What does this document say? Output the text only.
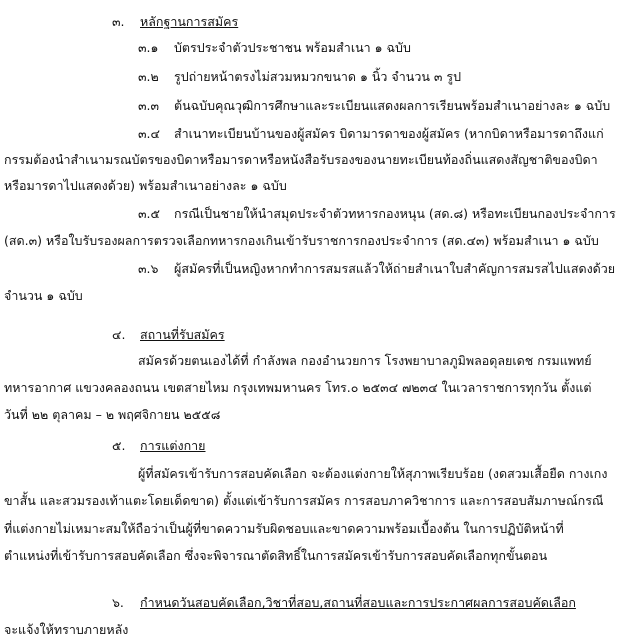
๓. หลักฐานการสมัคร
๓.๑ บัตรประจำตัวประชาชน พร้อมสำเนา ๑ ฉบับ
๓.๒ รูปถ่ายหน้าตรงไม่สวมหมวกขนาด ๑ นิ้ว จำนวน ๓ รูป
๓.๓ ต้นฉบับคุณวุฒิการศึกษาและระเบียนแสดงผลการเรียนพร้อมสำเนาอย่างละ ๑ ฉบับ
๓.๔ สำเนาทะเบียนบ้านของผู้สมัคร บิดามารดาของผู้สมัคร (หากบิดาหรือมารดาถึงแก่
กรรมต้องนำสำเนามรณบัตรของบิดาหรือมารดาหรือหนังสือรับรองของนายทะเบียนท้องถิ่นแสดงสัญชาติของบิดา
หรือมารดาไปแสดงด้วย) พร้อมสำเนาอย่างละ ๑ ฉบับ
๓.๕ กรณีเป็นชายให้นำสมุดประจำตัวทหารกองหนุน (สด.๘) หรือทะเบียนกองประจำการ
(สด.๓) หรือใบรับรองผลการตรวจเลือกทหารกองเกินเข้ารับราชการกองประจำการ (สด.๔๓) พร้อมสำเนา ๑ ฉบับ
๓.๖ ผู้สมัครที่เป็นหญิงหากทำการสมรสแล้วให้ถ่ายสำเนาใบสำคัญการสมรสไปแสดงด้วย
จำนวน ๑ ฉบับ
๔. สถานที่รับสมัคร
สมัครด้วยตนเองได้ที่ กำลังพล กองอำนวยการ โรงพยาบาลภูมิพลอดุลยเดช กรมแพทย์
ทหารอากาศ แขวงคลองถนน เขตสายไหม กรุงเทพมหานคร โทร.๐ ๒๕๓๔ ๗๒๓๔ ในเวลาราชการทุกวัน ตั้งแต่
วันที่ ๒๒ ตุลาคม – ๒ พฤศจิกายน ๒๕๕๘
๕. การแต่งกาย
ผู้ที่สมัครเข้ารับการสอบคัดเลือก จะต้องแต่งกายให้สุภาพเรียบร้อย (งดสวมเสื้อยืด กางเกง
ขาสั้น และสวมรองเท้าแตะโดยเด็ดขาด) ตั้งแต่เข้ารับการสมัคร การสอบภาควิชาการ และการสอบสัมภาษณ์กรณี
ที่แต่งกายไม่เหมาะสมให้ถือว่าเป็นผู้ที่ขาดความรับผิดชอบและขาดความพร้อมเบื้องต้น ในการปฏิบัติหน้าที่
ตำแหน่งที่เข้ารับการสอบคัดเลือก ซึ่งจะพิจารณาตัดสิทธิ์ในการสมัครเข้ารับการสอบคัดเลือกทุกขั้นตอน
๖. กำหนดวันสอบคัดเลือก,วิชาที่สอบ,สถานที่สอบและการประกาศผลการสอบคัดเลือก
จะแจ้งให้ทราบภายหลัง
